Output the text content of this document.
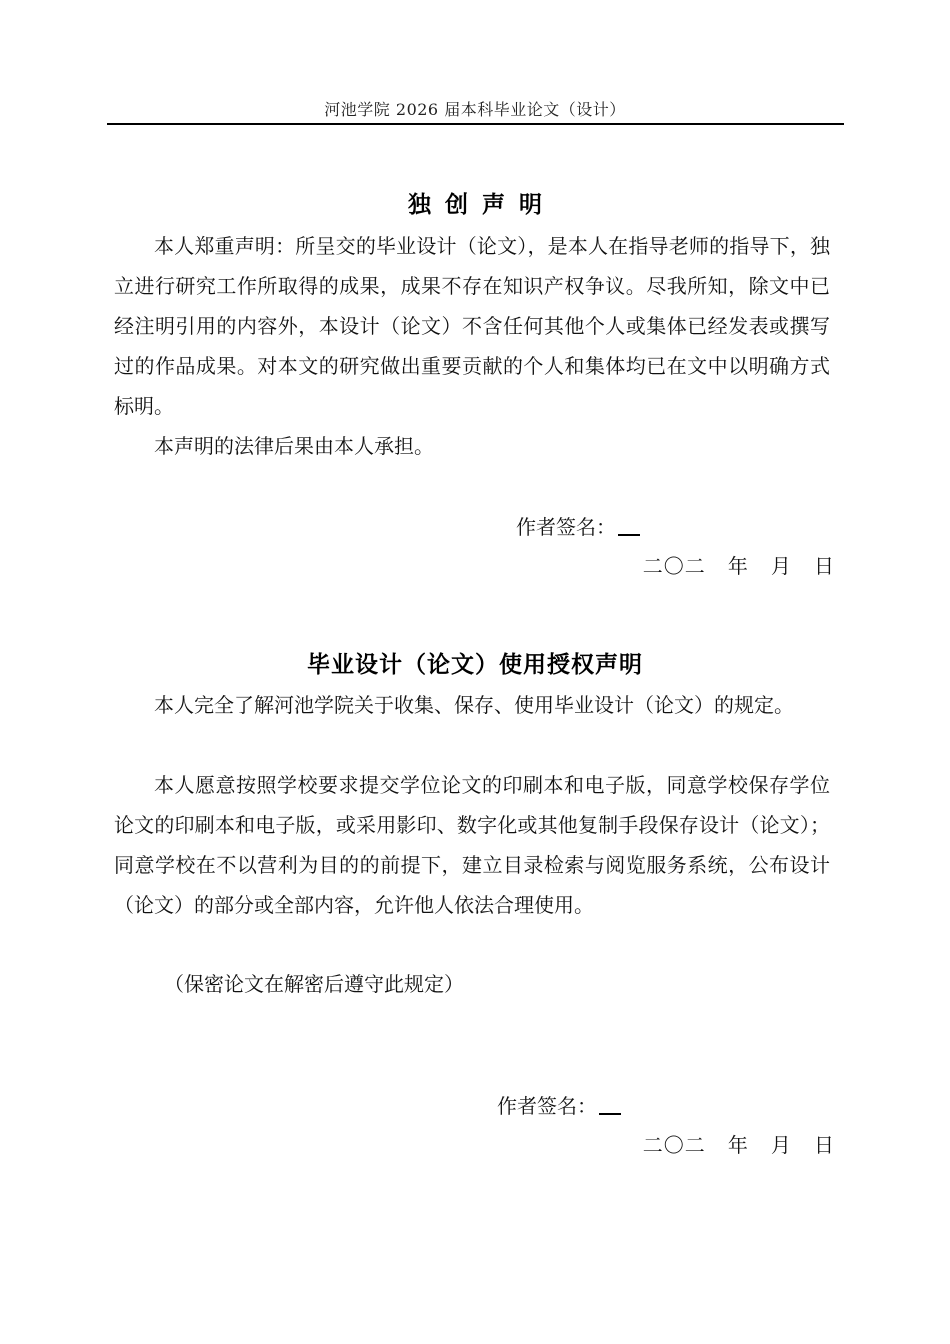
河池学院 2026 届本科毕业论文（设计）
独创声明

本人郑重声明：所呈交的毕业设计（论文），是本人在指导老师的指导下，独立进行研究工作所取得的成果，成果不存在知识产权争议。尽我所知，除文中已经注明引用的内容外，本设计（论文）不含任何其他个人或集体已经发表或撰写过的作品成果。对本文的研究做出重要贡献的个人和集体均已在文中以明确方式标明。

本声明的法律后果由本人承担。

作者签名：
二〇二   年   月   日
毕业设计（论文）使用授权声明

本人完全了解河池学院关于收集、保存、使用毕业设计（论文）的规定。

本人愿意按照学校要求提交学位论文的印刷本和电子版，同意学校保存学位论文的印刷本和电子版，或采用影印、数字化或其他复制手段保存设计（论文）；同意学校在不以营利为目的的前提下，建立目录检索与阅览服务系统，公布设计（论文）的部分或全部内容，允许他人依法合理使用。

（保密论文在解密后遵守此规定）

作者签名：
二〇二   年   月   日
